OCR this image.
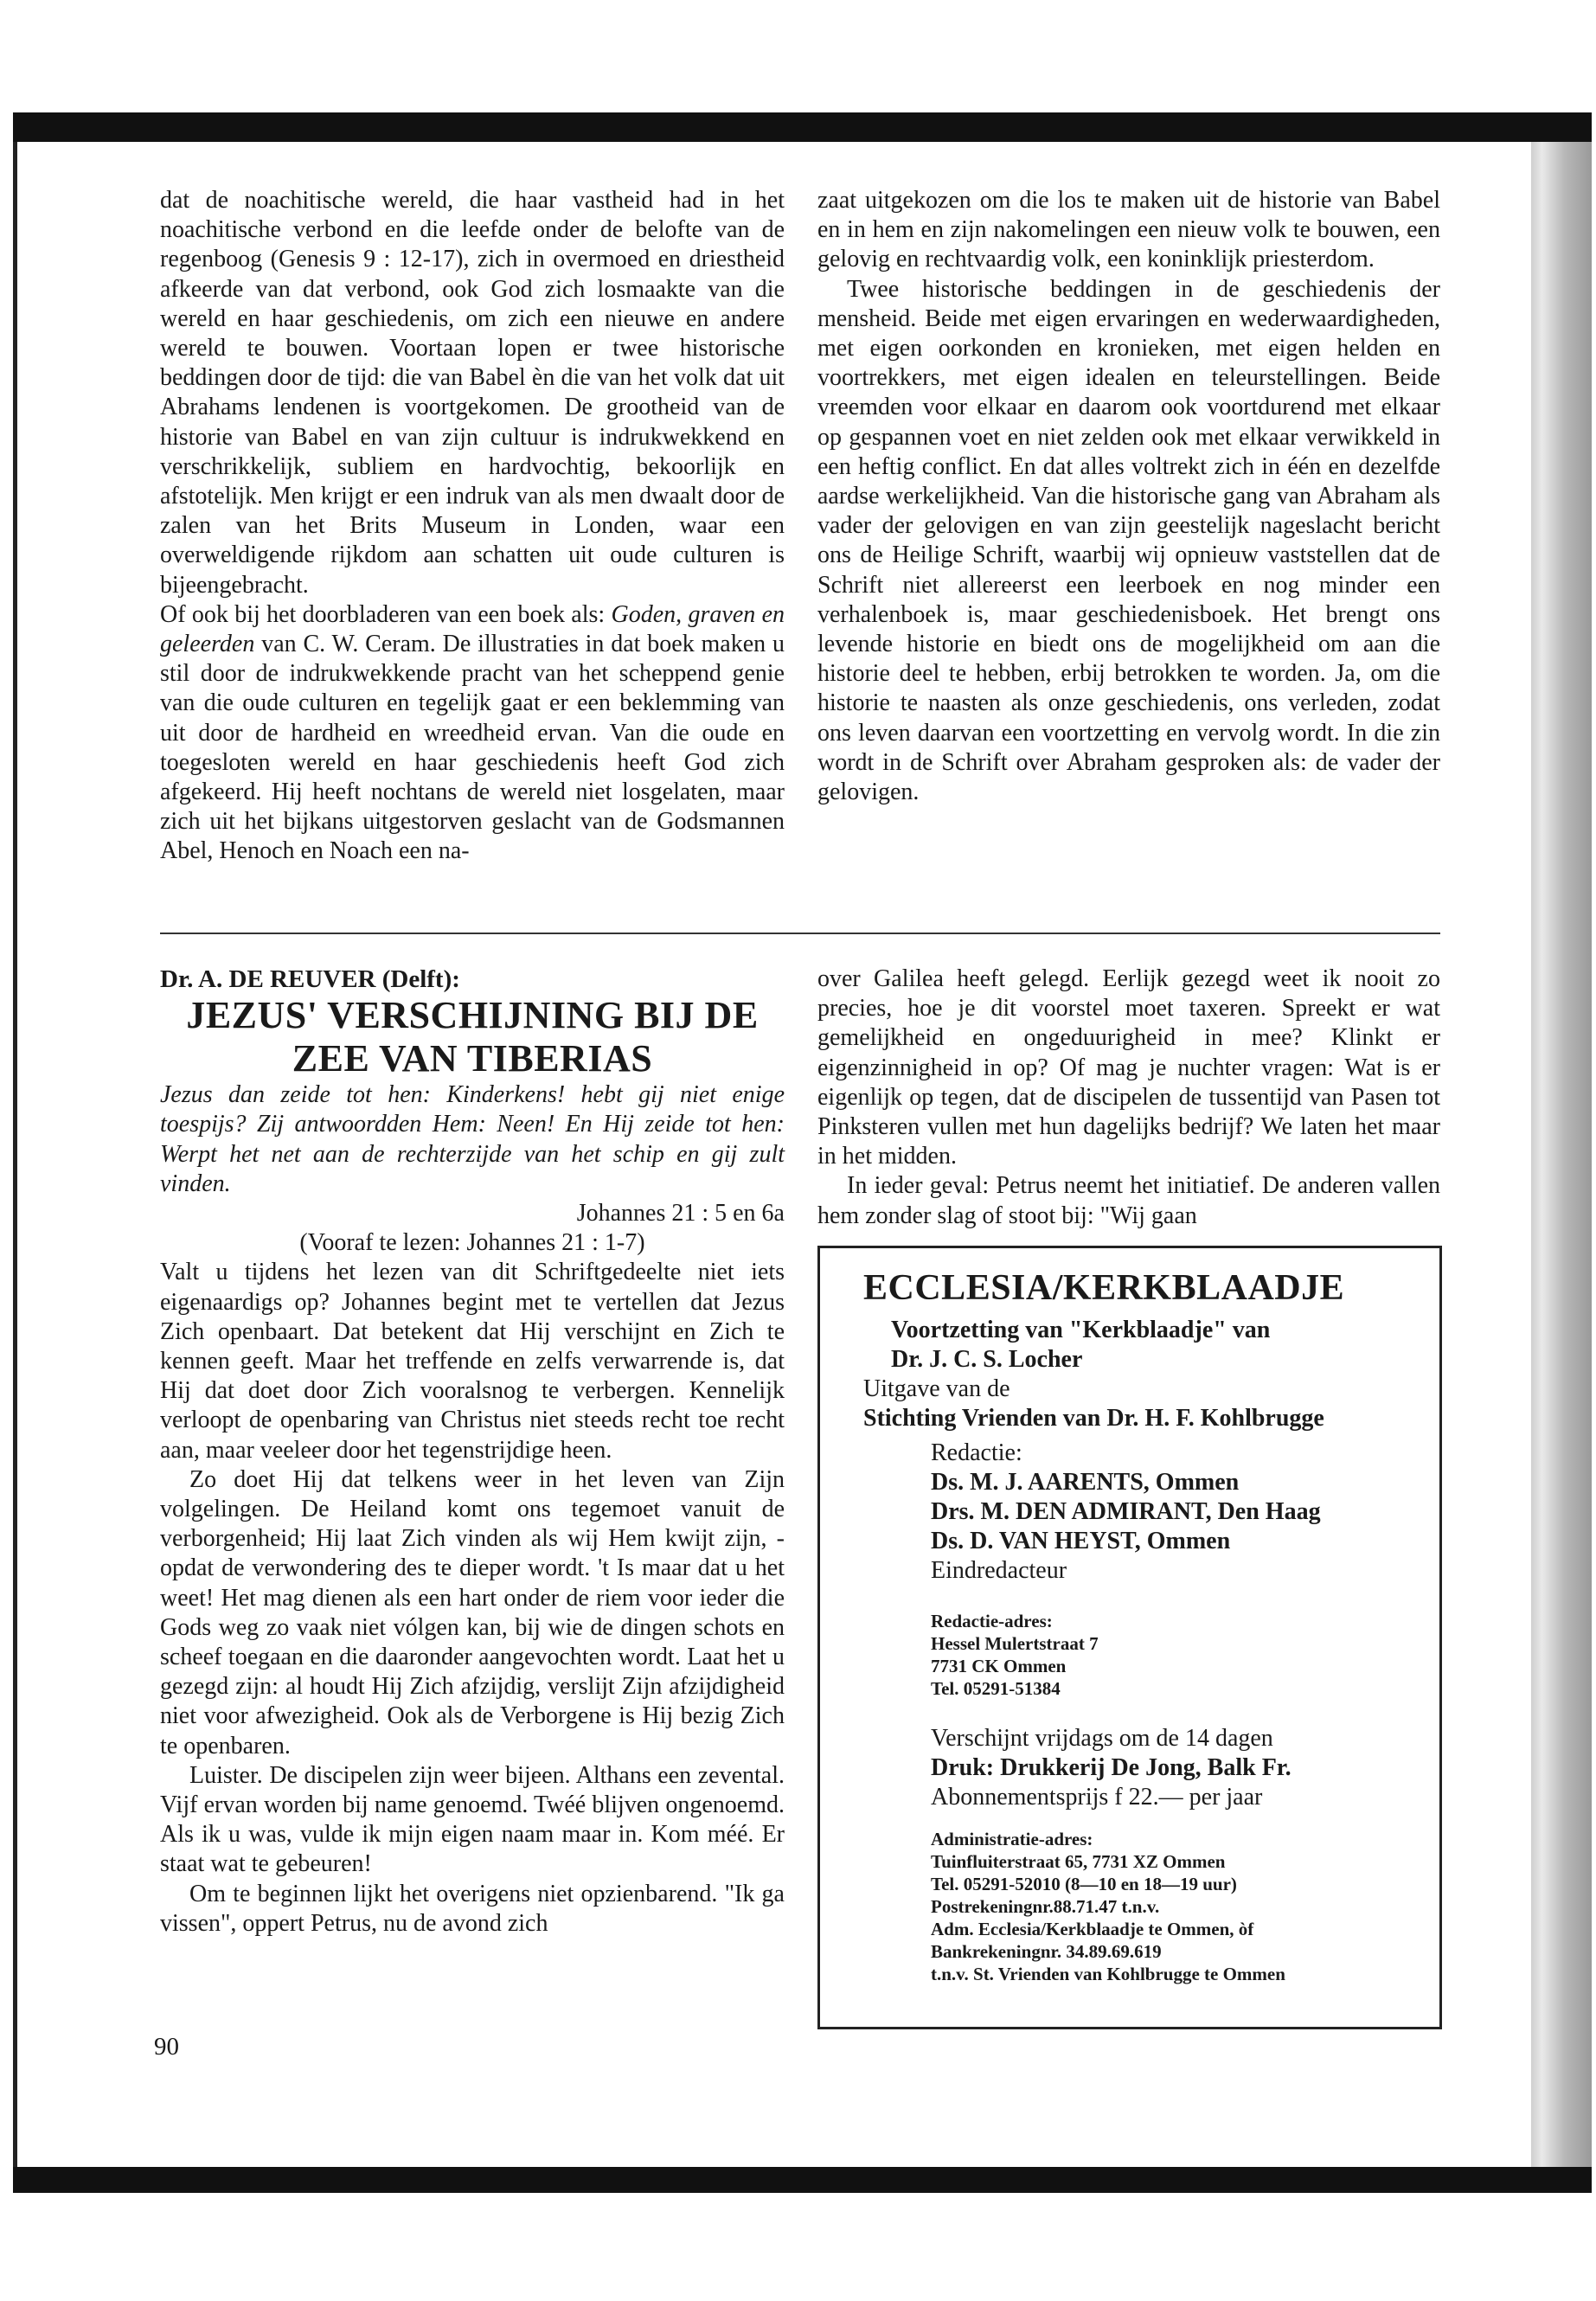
dat de noachitische wereld, die haar vastheid had in het noachitische verbond en die leefde onder de belofte van de regenboog (Genesis 9 : 12-17), zich in overmoed en driestheid afkeerde van dat verbond, ook God zich losmaakte van die wereld en haar geschiedenis, om zich een nieuwe en andere wereld te bouwen. Voortaan lopen er twee historische beddingen door de tijd: die van Babel èn die van het volk dat uit Abrahams lendenen is voortgekomen. De grootheid van de historie van Babel en van zijn cultuur is indrukwekkend en verschrikkelijk, subliem en hardvochtig, bekoorlijk en afstotelijk. Men krijgt er een indruk van als men dwaalt door de zalen van het Brits Museum in Londen, waar een overweldigende rijkdom aan schatten uit oude culturen is bijeengebracht.

Of ook bij het doorbladeren van een boek als: Goden, graven en geleerden van C. W. Ceram. De illustraties in dat boek maken u stil door de indrukwekkende pracht van het scheppend genie van die oude culturen en tegelijk gaat er een beklemming van uit door de hardheid en wreedheid ervan. Van die oude en toegesloten wereld en haar geschiedenis heeft God zich afgekeerd. Hij heeft nochtans de wereld niet losgelaten, maar zich uit het bijkans uitgestorven geslacht van de Godsmannen Abel, Henoch en Noach een na-

zaat uitgekozen om die los te maken uit de historie van Babel en in hem en zijn nakomelingen een nieuw volk te bouwen, een gelovig en rechtvaardig volk, een koninklijk priesterdom.

Twee historische beddingen in de geschiedenis der mensheid. Beide met eigen ervaringen en wederwaardigheden, met eigen oorkonden en kronieken, met eigen helden en voortrekkers, met eigen idealen en teleurstellingen. Beide vreemden voor elkaar en daarom ook voortdurend met elkaar op gespannen voet en niet zelden ook met elkaar verwikkeld in een heftig conflict. En dat alles voltrekt zich in één en dezelfde aardse werkelijkheid. Van die historische gang van Abraham als vader der gelovigen en van zijn geestelijk nageslacht bericht ons de Heilige Schrift, waarbij wij opnieuw vaststellen dat de Schrift niet allereerst een leerboek en nog minder een verhalenboek is, maar geschiedenisboek. Het brengt ons levende historie en biedt ons de mogelijkheid om aan die historie deel te hebben, erbij betrokken te worden. Ja, om die historie te naasten als onze geschiedenis, ons verleden, zodat ons leven daarvan een voortzetting en vervolg wordt. In die zin wordt in de Schrift over Abraham gesproken als: de vader der gelovigen.

Dr. A. DE REUVER (Delft):

JEZUS' VERSCHIJNING BIJ DE ZEE VAN TIBERIAS

Jezus dan zeide tot hen: Kinderkens! hebt gij niet enige toespijs? Zij antwoordden Hem: Neen! En Hij zeide tot hen: Werpt het net aan de rechterzijde van het schip en gij zult vinden.

Johannes 21 : 5 en 6a

(Vooraf te lezen: Johannes 21 : 1-7)

Valt u tijdens het lezen van dit Schriftgedeelte niet iets eigenaardigs op? Johannes begint met te vertellen dat Jezus Zich openbaart. Dat betekent dat Hij verschijnt en Zich te kennen geeft. Maar het treffende en zelfs verwarrende is, dat Hij dat doet door Zich vooralsnog te verbergen. Kennelijk verloopt de openbaring van Christus niet steeds recht toe recht aan, maar veeleer door het tegenstrijdige heen.

Zo doet Hij dat telkens weer in het leven van Zijn volgelingen. De Heiland komt ons tegemoet vanuit de verborgenheid; Hij laat Zich vinden als wij Hem kwijt zijn, - opdat de verwondering des te dieper wordt. 't Is maar dat u het weet! Het mag dienen als een hart onder de riem voor ieder die Gods weg zo vaak niet vólgen kan, bij wie de dingen schots en scheef toegaan en die daaronder aangevochten wordt. Laat het u gezegd zijn: al houdt Hij Zich afzijdig, verslijt Zijn afzijdigheid niet voor afwezigheid. Ook als de Verborgene is Hij bezig Zich te openbaren.

Luister. De discipelen zijn weer bijeen. Althans een zevental. Vijf ervan worden bij name genoemd. Twéé blijven ongenoemd. Als ik u was, vulde ik mijn eigen naam maar in. Kom méé. Er staat wat te gebeuren!

Om te beginnen lijkt het overigens niet opzienbarend. "Ik ga vissen", oppert Petrus, nu de avond zich

90

over Galilea heeft gelegd. Eerlijk gezegd weet ik nooit zo precies, hoe je dit voorstel moet taxeren. Spreekt er wat gemelijkheid en ongeduurigheid in mee? Klinkt er eigenzinnigheid in op? Of mag je nuchter vragen: Wat is er eigenlijk op tegen, dat de discipelen de tussentijd van Pasen tot Pinksteren vullen met hun dagelijks bedrijf? We laten het maar in het midden.

In ieder geval: Petrus neemt het initiatief. De anderen vallen hem zonder slag of stoot bij: "Wij gaan

ECCLESIA/KERKBLAADJE
Voortzetting van "Kerkblaadje" van
Dr. J. C. S. Locher
Uitgave van de
Stichting Vrienden van Dr. H. F. Kohlbrugge
Redactie:
Ds. M. J. AARENTS, Ommen
Drs. M. DEN ADMIRANT, Den Haag
Ds. D. VAN HEYST, Ommen
Eindredacteur
Redactie-adres:
Hessel Mulertstraat 7
7731 CK Ommen
Tel. 05291-51384
Verschijnt vrijdags om de 14 dagen
Druk: Drukkerij De Jong, Balk Fr.
Abonnementsprijs f 22.— per jaar
Administratie-adres:
Tuinfluiterstraat 65, 7731 XZ Ommen
Tel. 05291-52010 (8—10 en 18—19 uur)
Postrekeningnr.88.71.47 t.n.v.
Adm. Ecclesia/Kerkblaadje te Ommen, òf
Bankrekeningnr. 34.89.69.619
t.n.v. St. Vrienden van Kohlbrugge te Ommen
